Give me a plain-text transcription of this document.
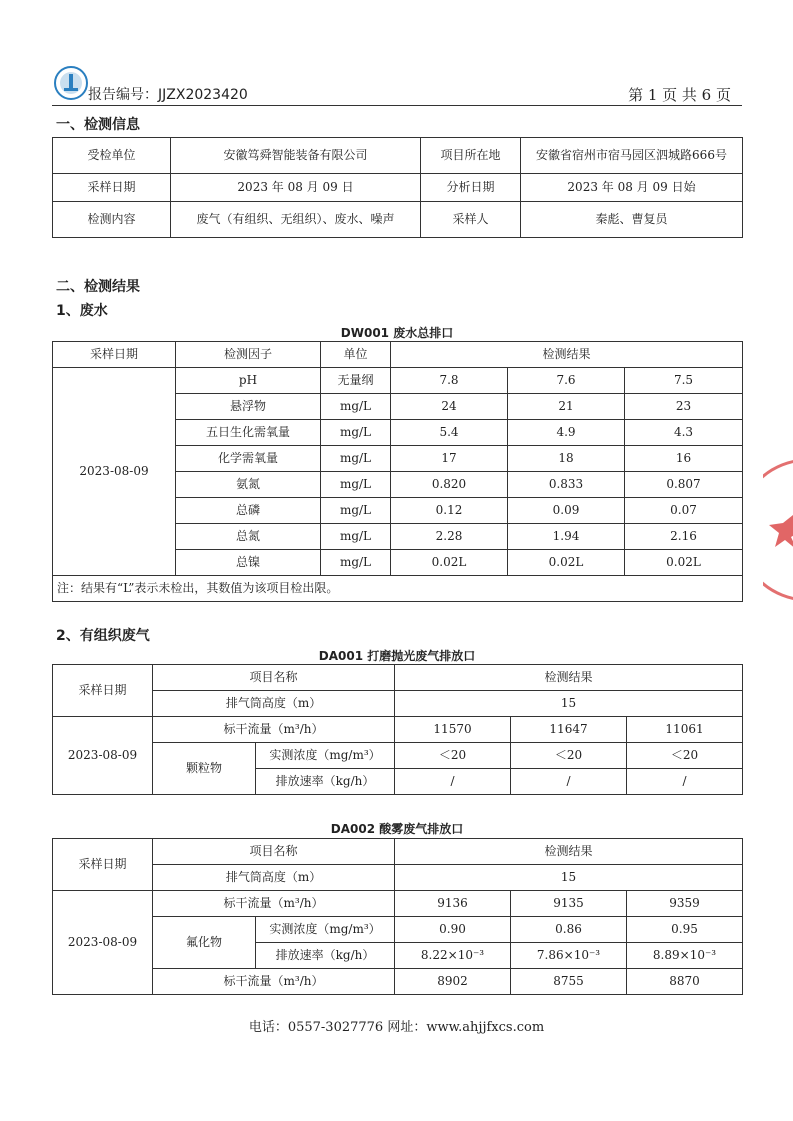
报告编号：JJZX2023420	第 1 页 共 6 页
一、检测信息
受检单位	安徽笃舜智能装备有限公司	项目所在地	安徽省宿州市宿马园区泗城路666号
采样日期	2023 年 08 月 09 日	分析日期	2023 年 08 月 09 日始
检测内容	废气（有组织、无组织）、废水、噪声	采样人	秦彪、曹复员
二、检测结果
1、废水
DW001 废水总排口
采样日期	检测因子	单位	检测结果		
2023-08-09	pH	无量纲	7.8	7.6	7.5
	悬浮物	mg/L	24	21	23
	五日生化需氧量	mg/L	5.4	4.9	4.3
	化学需氧量	mg/L	17	18	16
	氨氮	mg/L	0.820	0.833	0.807
	总磷	mg/L	0.12	0.09	0.07
	总氮	mg/L	2.28	1.94	2.16
	总镍	mg/L	0.02L	0.02L	0.02L
注：结果有“L”表示未检出，其数值为该项目检出限。					
2、有组织废气
DA001 打磨抛光废气排放口
采样日期	项目名称		检测结果		
	排气筒高度（m）		15		
2023-08-09	标干流量（m³/h）		11570	11647	11061
	颗粒物	实测浓度（mg/m³）	＜20	＜20	＜20
		排放速率（kg/h）	/	/	/
DA002 酸雾废气排放口
采样日期	项目名称		检测结果		
	排气筒高度（m）		15		
2023-08-09	标干流量（m³/h）		9136	9135	9359
	氟化物	实测浓度（mg/m³）	0.90	0.86	0.95
		排放速率（kg/h）	8.22×10⁻³	7.86×10⁻³	8.89×10⁻³
	标干流量（m³/h）		8902	8755	8870
电话：0557-3027776 网址：www.ahjjfxcs.com
